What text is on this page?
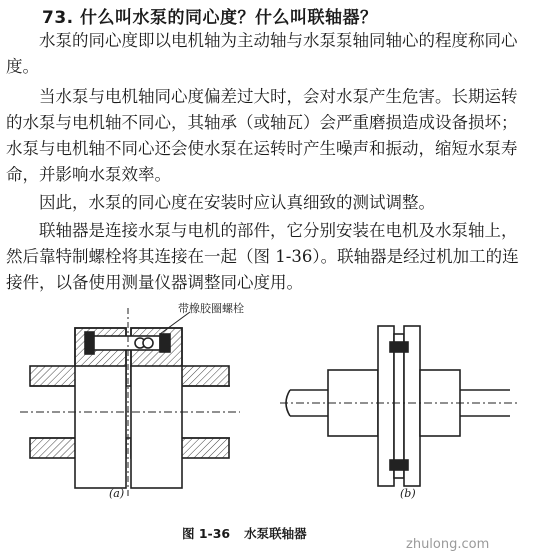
73. 什么叫水泵的同心度？什么叫联轴器？

水泵的同心度即以电机轴为主动轴与水泵泵轴同轴心的程度称同心度。

当水泵与电机轴同心度偏差过大时，会对水泵产生危害。长期运转的水泵与电机轴不同心，其轴承（或轴瓦）会严重磨损造成设备损坏；水泵与电机轴不同心还会使水泵在运转时产生噪声和振动，缩短水泵寿命，并影响水泵效率。

因此，水泵的同心度在安装时应认真细致的测试调整。

联轴器是连接水泵与电机的部件，它分别安装在电机及水泵轴上，然后靠特制螺栓将其连接在一起（图 1-36）。联轴器是经过机加工的连接件，以备使用测量仪器调整同心度用。

带橡胶圈螺栓
(a)	(b)
图 1-36 水泵联轴器
zhulong.com
